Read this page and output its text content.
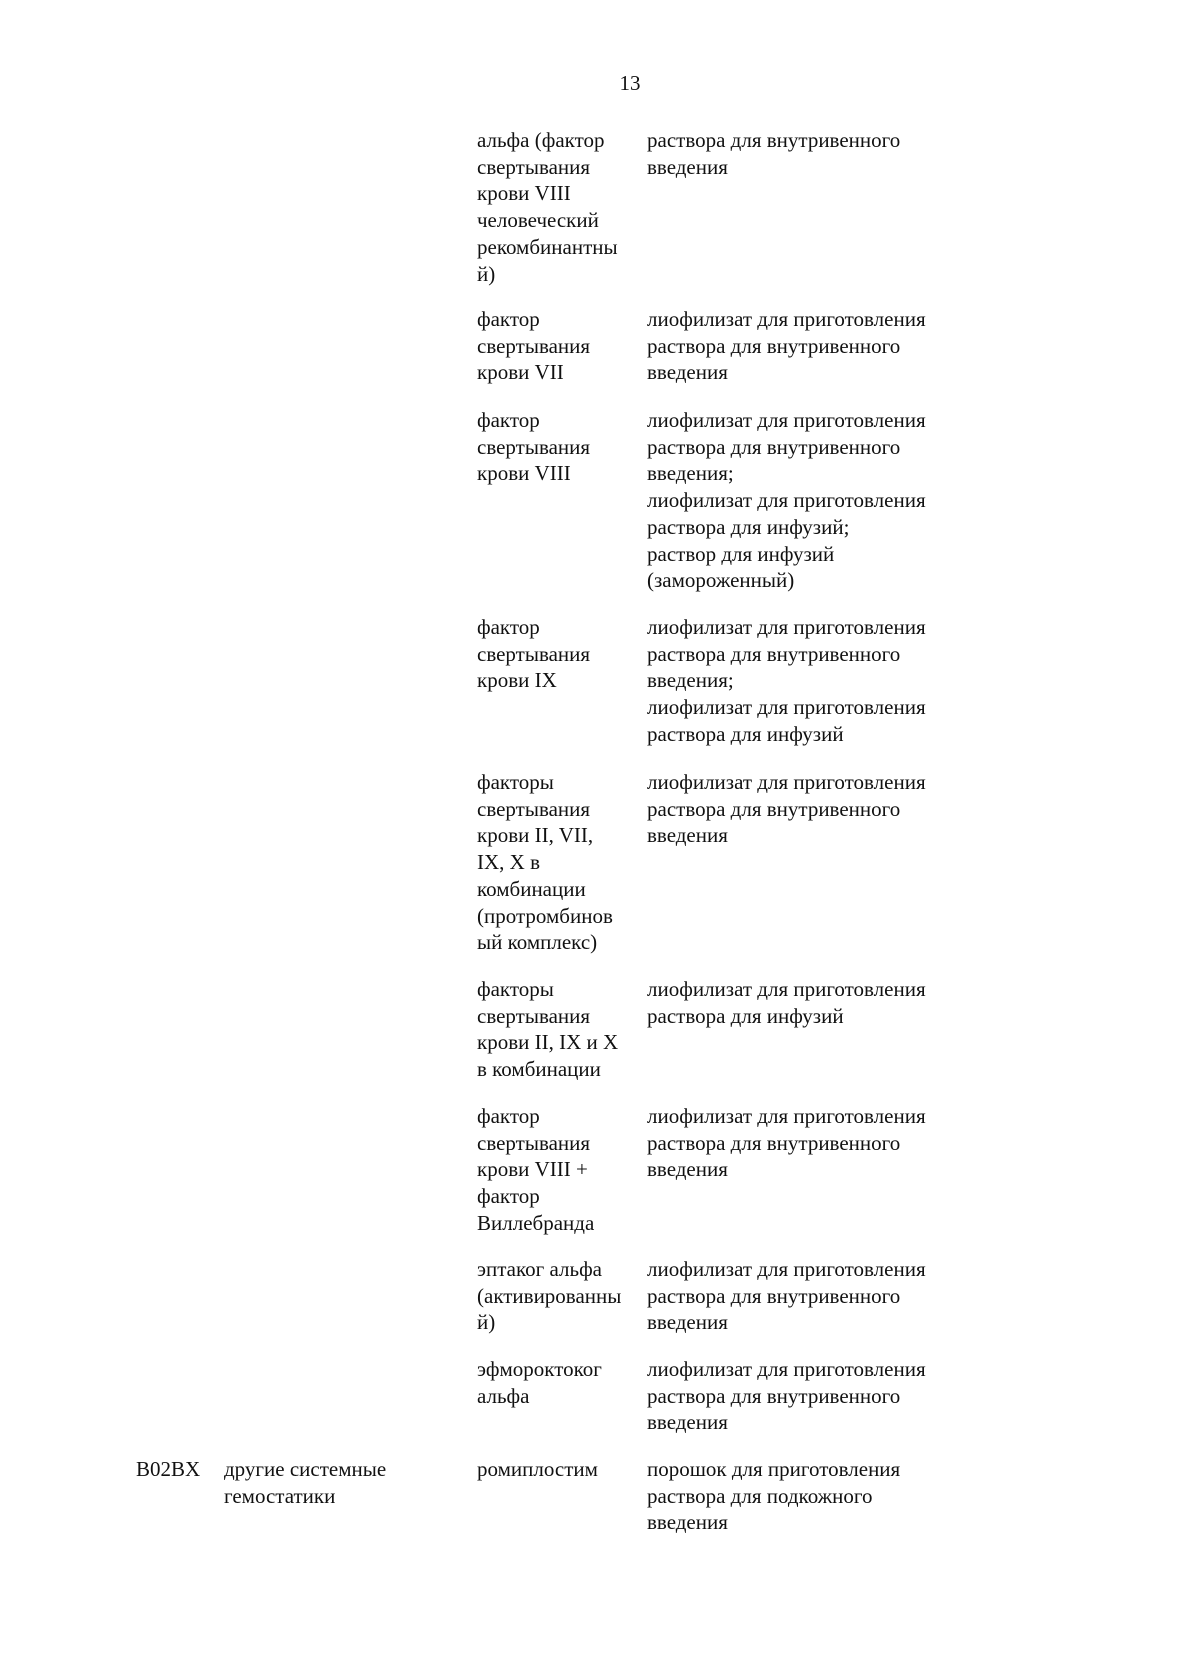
13
альфа (фактор
свертывания
крови VIII
человеческий
рекомбинантны
й)
раствора для внутривенного
введения
фактор
свертывания
крови VII
лиофилизат для приготовления
раствора для внутривенного
введения
фактор
свертывания
крови VIII
лиофилизат для приготовления
раствора для внутривенного
введения;
лиофилизат для приготовления
раствора для инфузий;
раствор для инфузий
(замороженный)
фактор
свертывания
крови IX
лиофилизат для приготовления
раствора для внутривенного
введения;
лиофилизат для приготовления
раствора для инфузий
факторы
свертывания
крови II, VII,
IX, X в
комбинации
(протромбинов
ый комплекс)
лиофилизат для приготовления
раствора для внутривенного
введения
факторы
свертывания
крови II, IX и X
в комбинации
лиофилизат для приготовления
раствора для инфузий
фактор
свертывания
крови VIII +
фактор
Виллебранда
лиофилизат для приготовления
раствора для внутривенного
введения
эптаког альфа
(активированны
й)
лиофилизат для приготовления
раствора для внутривенного
введения
эфмороктоког
альфа
лиофилизат для приготовления
раствора для внутривенного
введения
B02BX	другие системные
гемостатики
ромиплостим	порошок для приготовления
раствора для подкожного
введения
